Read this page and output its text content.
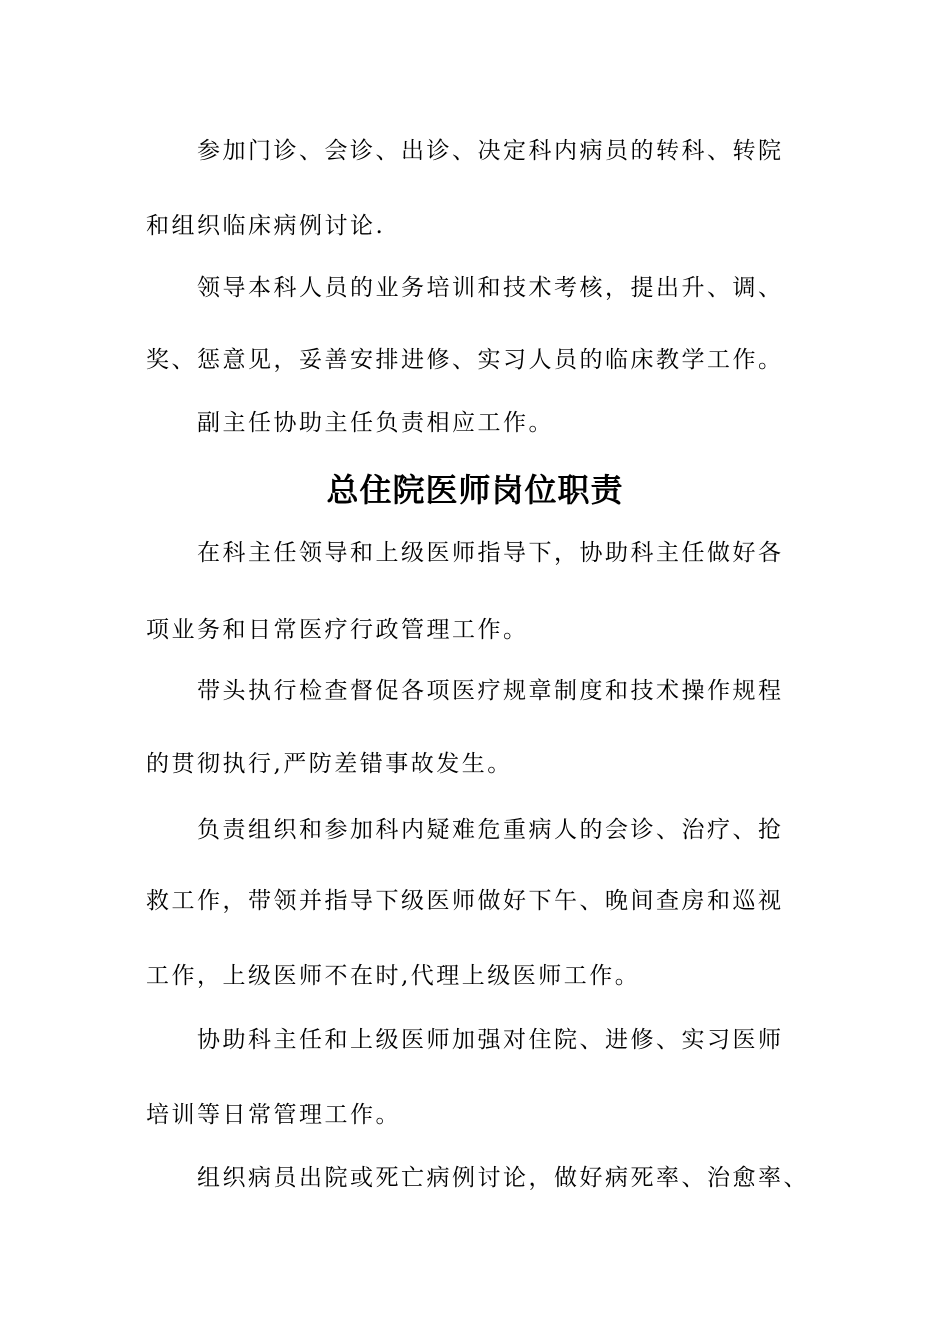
参加门诊、会诊、出诊、决定科内病员的转科、转院
和组织临床病例讨论.
领导本科人员的业务培训和技术考核，提出升、调、
奖、惩意见，妥善安排进修、实习人员的临床教学工作。
副主任协助主任负责相应工作。
总住院医师岗位职责
在科主任领导和上级医师指导下，协助科主任做好各
项业务和日常医疗行政管理工作。
带头执行检查督促各项医疗规章制度和技术操作规程
的贯彻执行,严防差错事故发生。
负责组织和参加科内疑难危重病人的会诊、治疗、抢
救工作，带领并指导下级医师做好下午、晚间查房和巡视
工作，上级医师不在时,代理上级医师工作。
协助科主任和上级医师加强对住院、进修、实习医师
培训等日常管理工作。
组织病员出院或死亡病例讨论，做好病死率、治愈率、
